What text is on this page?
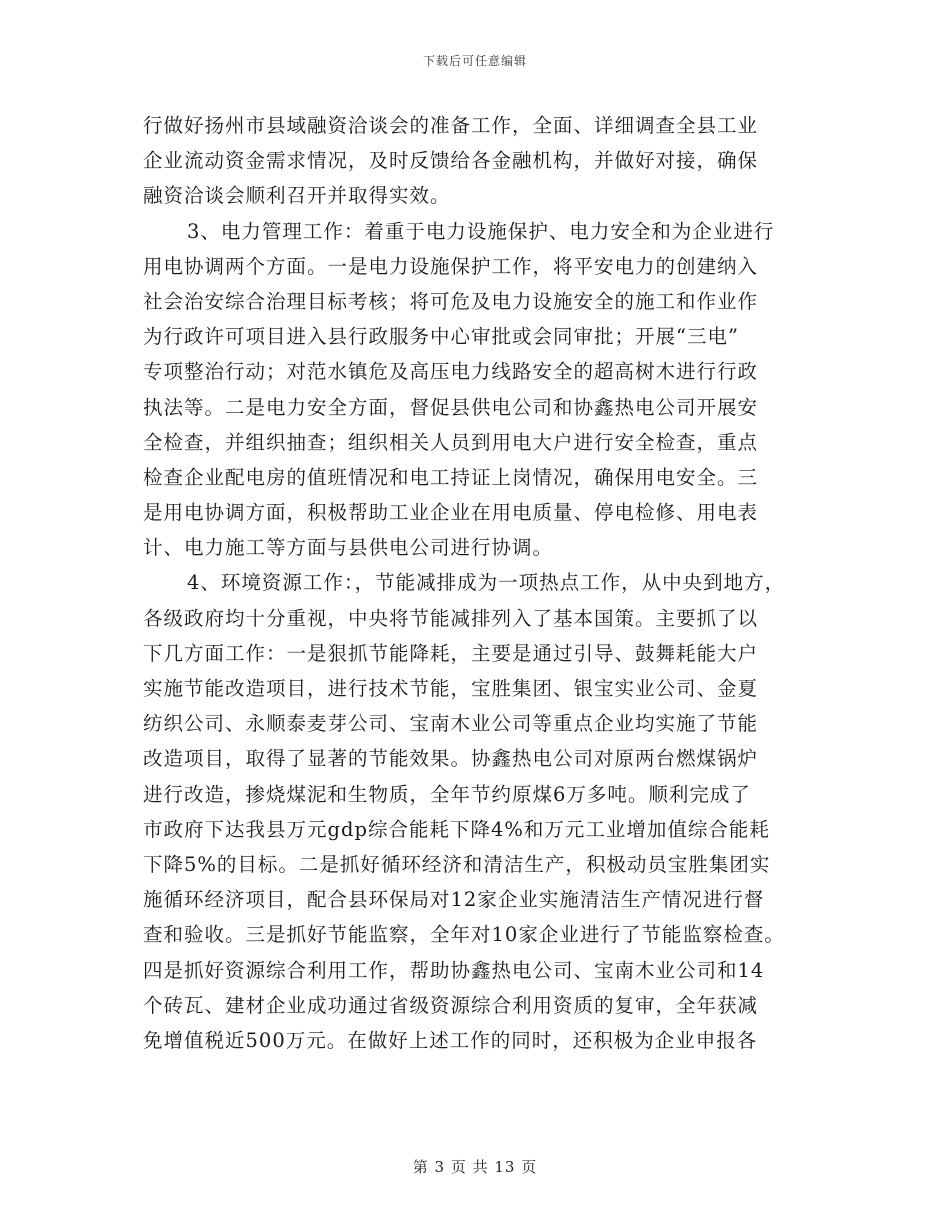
下载后可任意编辑
行做好扬州市县域融资洽谈会的准备工作，全面、详细调查全县工业
企业流动资金需求情况，及时反馈给各金融机构，并做好对接，确保
融资洽谈会顺利召开并取得实效。
3、电力管理工作：着重于电力设施保护、电力安全和为企业进行
用电协调两个方面。一是电力设施保护工作，将平安电力的创建纳入
社会治安综合治理目标考核；将可危及电力设施安全的施工和作业作
为行政许可项目进入县行政服务中心审批或会同审批；开展“三电”
专项整治行动；对范水镇危及高压电力线路安全的超高树木进行行政
执法等。二是电力安全方面，督促县供电公司和协鑫热电公司开展安
全检查，并组织抽查；组织相关人员到用电大户进行安全检查，重点
检查企业配电房的值班情况和电工持证上岗情况，确保用电安全。三
是用电协调方面，积极帮助工业企业在用电质量、停电检修、用电表
计、电力施工等方面与县供电公司进行协调。
4、环境资源工作：，节能减排成为一项热点工作，从中央到地方，
各级政府均十分重视，中央将节能减排列入了基本国策。主要抓了以
下几方面工作：一是狠抓节能降耗，主要是通过引导、鼓舞耗能大户
实施节能改造项目，进行技术节能，宝胜集团、银宝实业公司、金夏
纺织公司、永顺泰麦芽公司、宝南木业公司等重点企业均实施了节能
改造项目，取得了显著的节能效果。协鑫热电公司对原两台燃煤锅炉
进行改造，掺烧煤泥和生物质，全年节约原煤6万多吨。顺利完成了
市政府下达我县万元gdp综合能耗下降4%和万元工业增加值综合能耗
下降5%的目标。二是抓好循环经济和清洁生产，积极动员宝胜集团实
施循环经济项目，配合县环保局对12家企业实施清洁生产情况进行督
查和验收。三是抓好节能监察，全年对10家企业进行了节能监察检查。
四是抓好资源综合利用工作，帮助协鑫热电公司、宝南木业公司和14
个砖瓦、建材企业成功通过省级资源综合利用资质的复审，全年获减
免增值税近500万元。在做好上述工作的同时，还积极为企业申报各
第 3 页 共 13 页
